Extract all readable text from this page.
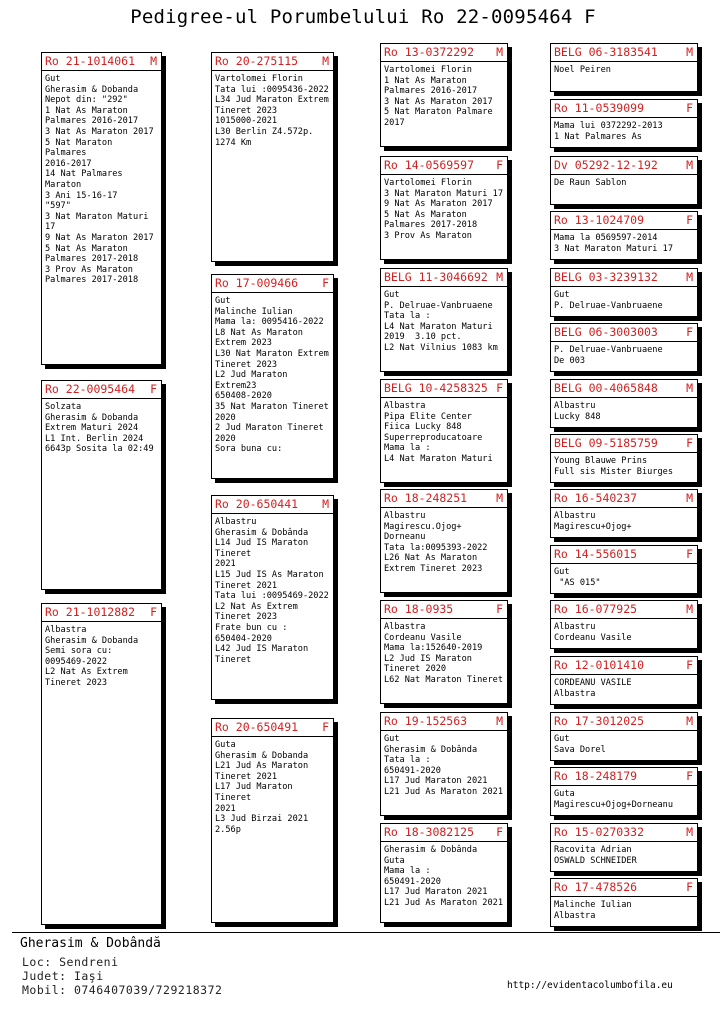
Pedigree-ul Porumbelului Ro 22-0095464 F
Ro 21-1014061 M
Gut
Gherasim & Dobanda
Nepot din: "292"
1 Nat As Maraton
Palmares 2016-2017
3 Nat As Maraton 2017
5 Nat Maraton Palmares
2016-2017
14 Nat Palmares Maraton
3 Ani 15-16-17
"597"
3 Nat Maraton Maturi 17
9 Nat As Maraton 2017
5 Nat As Maraton
Palmares 2017-2018
3 Prov As Maraton
Palmares 2017-2018
Ro 22-0095464 F
Solzata
Gherasim & Dobanda
Extrem Maturi 2024
L1 Int. Berlin 2024
6643p Sosita la 02:49
Ro 21-1012882 F
Albastra
Gherasim & Dobanda
Semi sora cu:
0095469-2022
L2 Nat As Extrem
Tineret 2023
Ro 20-275115 M
Vartolomei Florin
Tata lui :0095436-2022
L34 Jud Maraton Extrem
Tineret 2023
1015000-2021
L30 Berlin Z4.572p.
1274 Km
Ro 17-009466 F
Gut
Malinche Iulian
Mama la: 0095416-2022
L8 Nat As Maraton
Extrem 2023
L30 Nat Maraton Extrem
Tineret 2023
L2 Jud Maraton Extrem23
650408-2020
35 Nat Maraton Tineret
2020
2 Jud Maraton Tineret
2020
Sora buna cu:
Ro 20-650441 M
Albastru
Gherasim & Dobânda
L14 Jud IS Maraton
Tineret
2021
L15 Jud IS As Maraton
Tineret 2021
Tata lui :0095469-2022
L2 Nat As Extrem
Tineret 2023
Frate bun cu :
650404-2020
L42 Jud IS Maraton
Tineret
Ro 20-650491 F
Guta
Gherasim & Dobanda
L21 Jud As Maraton
Tineret 2021
L17 Jud Maraton Tineret
2021
L3 Jud Birzai 2021
2.56p
Ro 13-0372292 M
Vartolomei Florin
1 Nat As Maraton
Palmares 2016-2017
3 Nat As Maraton 2017
5 Nat Maraton Palmare
2017
Ro 14-0569597 F
Vartolomei Florin
3 Nat Maraton Maturi 17
9 Nat As Maraton 2017
5 Nat As Maraton
Palmares 2017-2018
3 Prov As Maraton
BELG 11-3046692 M
Gut
P. Delruae-Vanbruaene
Tata la :
L4 Nat Maraton Maturi
2019  3.10 pct.
L2 Nat Vilnius 1083 km
BELG 10-4258325 F
Albastra
Pipa Elite Center
Fiica Lucky 848
Superreproducatoare
Mama la :
L4 Nat Maraton Maturi
Ro 18-248251	M
Albastru
Magirescu.Ojog+
Dorneanu
Tata la:0095393-2022
L26 Nat As Maraton
Extrem Tineret 2023
Ro 18-0935	F
Albastra
Cordeanu Vasile
Mama la:152640-2019
L2 Jud IS Maraton
Tineret 2020
L62 Nat Maraton Tineret
Ro 19-152563	M
Gut
Gherasim & Dobânda
Tata la :
650491-2020
L17 Jud Maraton 2021
L21 Jud As Maraton 2021
Ro 18-3082125 F
Gherasim & Dobânda
Guta
Mama la :
650491-2020
L17 Jud Maraton 2021
L21 Jud As Maraton 2021
BELG 06-3183541 M
Noel Peiren
Ro 11-0539099	F
Mama lui 0372292-2013
1 Nat Palmares As
Dv 05292-12-192 M
De Raun Sablon
Ro 13-1024709	F
Mama la 0569597-2014
3 Nat Maraton Maturi 17
BELG 03-3239132 M
Gut
P. Delruae-Vanbruaene
BELG 06-3003003 F
P. Delruae-Vanbruaene
De 003
BELG 00-4065848 M
Albastru
Lucky 848
BELG 09-5185759 F
Young Blauwe Prins
Full sis Mister Biurges
Ro 16-540237	M
Albastru
Magirescu+Ojog+
Ro 14-556015	F
Gut
"AS 015"
Ro 16-077925	M
Albastru
Cordeanu Vasile
Ro 12-0101410	F
CORDEANU VASILE
Albastra
Ro 17-3012025	M
Gut
Sava Dorel
Ro 18-248179	F
Guta
Magirescu+Ojog+Dorneanu
Ro 15-0270332	M
Racovita Adrian
OSWALD SCHNEIDER
Ro 17-478526	F
Malinche Iulian
Albastra
Gherasim & Dobândă
Loc: Sendreni
Judet: Iaşi
Mobil: 0746407039/729218372	http://evidentacolumbofila.eu
